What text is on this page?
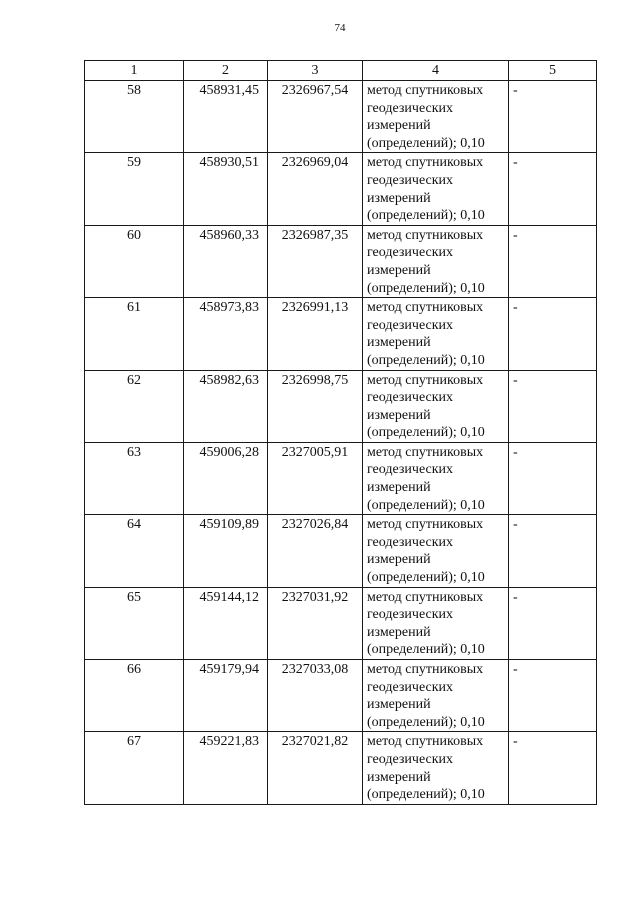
74
1	2	3	4	5

58	458931,45	2326967,54	метод спутниковых
геодезических
измерений
(определений); 0,10	-

59	458930,51	2326969,04	метод спутниковых
геодезических
измерений
(определений); 0,10	-

60	458960,33	2326987,35	метод спутниковых
геодезических
измерений
(определений); 0,10	-

61	458973,83	2326991,13	метод спутниковых
геодезических
измерений
(определений); 0,10	-

62	458982,63	2326998,75	метод спутниковых
геодезических
измерений
(определений); 0,10	-

63	459006,28	2327005,91	метод спутниковых
геодезических
измерений
(определений); 0,10	-

64	459109,89	2327026,84	метод спутниковых
геодезических
измерений
(определений); 0,10	-

65	459144,12	2327031,92	метод спутниковых
геодезических
измерений
(определений); 0,10	-

66	459179,94	2327033,08	метод спутниковых
геодезических
измерений
(определений); 0,10	-

67	459221,83	2327021,82	метод спутниковых
геодезических
измерений
(определений); 0,10	-
